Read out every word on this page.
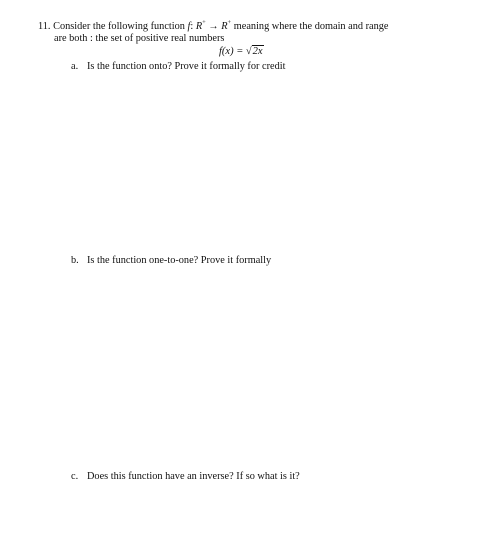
11. Consider the following function f: R+ → R+ meaning where the domain and range
are both : the set of positive real numbers
f(x) = √2x
a. Is the function onto? Prove it formally for credit
b. Is the function one-to-one? Prove it formally
c. Does this function have an inverse? If so what is it?
